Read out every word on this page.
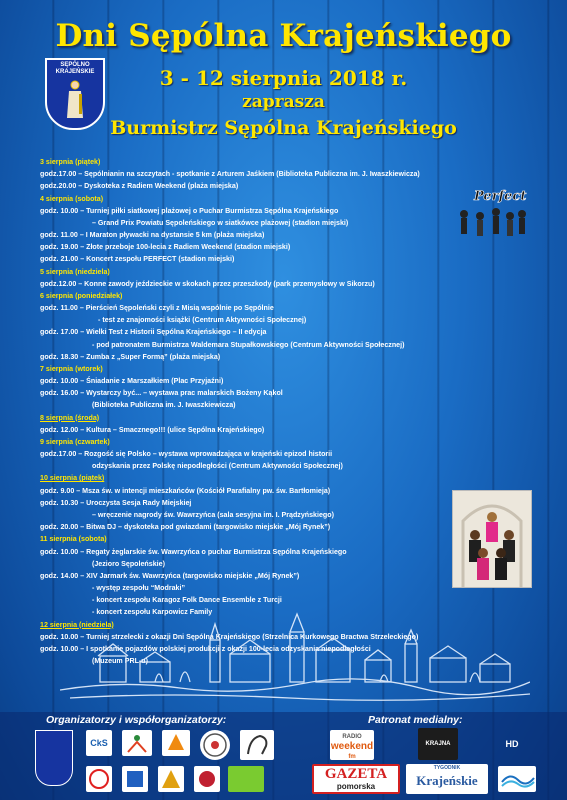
SĘPÓLNO KRAJEŃSKIE
Dni Sępólna Krajeńskiego
3 - 12 sierpnia 2018 r.
zaprasza
Burmistrz Sępólna Krajeńskiego
3 sierpnia (piątek)
godz.17.00 – Sępólnianin na szczytach - spotkanie z Arturem Jaśkiem (Biblioteka Publiczna im. J. Iwaszkiewicza)
godz.20.00 – Dyskoteka z Radiem Weekend (plaża miejska)
4 sierpnia (sobota)
godz. 10.00 – Turniej piłki siatkowej plażowej o Puchar Burmistrza Sępólna Krajeńskiego
– Grand Prix Powiatu Sępoleńskiego w siatkówce plażowej (stadion miejski)
godz. 11.00 – I Maraton pływacki na dystansie 5 km (plaża miejska)
godz. 19.00 – Złote przeboje 100-lecia z Radiem Weekend (stadion miejski)
godz. 21.00 – Koncert zespołu PERFECT (stadion miejski)
5 sierpnia (niedziela)
godz.12.00 – Konne zawody jeździeckie w skokach przez przeszkody (park przemysłowy w Sikorzu)
6 sierpnia (poniedziałek)
godz. 11.00 – Pierścień Sępoleński czyli z Misią wspólnie po Sępólnie
- test ze znajomości książki (Centrum Aktywności Społecznej)
godz. 17.00 – Wielki Test z Historii Sępólna Krajeńskiego – II edycja
- pod patronatem Burmistrza Waldemara Stupałkowskiego (Centrum Aktywności Społecznej)
godz. 18.30 – Zumba z „Super Formą” (plaża miejska)
7 sierpnia (wtorek)
godz. 10.00 – Śniadanie z Marszałkiem (Plac Przyjaźni)
godz. 16.00 – Wystarczy być... – wystawa prac malarskich Bożeny Kąkol
(Biblioteka Publiczna im. J. Iwaszkiewicza)
8 sierpnia (środa)
godz. 12.00 – Kultura – Smacznego!!! (ulice Sępólna Krajeńskiego)
9 sierpnia (czwartek)
godz.17.00 – Rozgość się Polsko – wystawa wprowadzająca w krajeński epizod historii
odzyskania przez Polskę niepodległości (Centrum Aktywności Społecznej)
10 sierpnia (piątek)
godz. 9.00 – Msza św. w intencji mieszkańców (Kościół Parafialny pw. św. Bartłomieja)
godz. 10.30 – Uroczysta Sesja Rady Miejskiej
– wręczenie nagrody św. Wawrzyńca (sala sesyjna im. I. Prądzyńskiego)
godz. 20.00 – Bitwa DJ – dyskoteka pod gwiazdami (targowisko miejskie „Mój Rynek”)
11 sierpnia (sobota)
godz. 10.00 – Regaty żeglarskie św. Wawrzyńca o puchar Burmistrza Sępólna Krajeńskiego
(Jezioro Sępoleńskie)
godz. 14.00 – XIV Jarmark św. Wawrzyńca (targowisko miejskie „Mój Rynek”)
- występ zespołu “Modraki”
- koncert zespołu Karagoz Folk Dance Ensemble z Turcji
- koncert zespołu Karpowicz Family
12 sierpnia (niedziela)
godz. 10.00 – Turniej strzelecki z okazji Dni Sępólna Krajeńskiego (Strzelnica Kurkowego Bractwa Strzeleckiego)
godz. 10.00 – I spotkanie pojazdów polskiej produkcji z okazji 100-lecia odzyskania niepodległości
(Muzeum PRL-u)
Perfect
Organizatorzy i współorganizatorzy:	Patronat medialny:
CkS
RADIO
weekend
fm
KRAJNA	HD
GAZETA
pomorska
TYGODNIK
Krajeńskie
